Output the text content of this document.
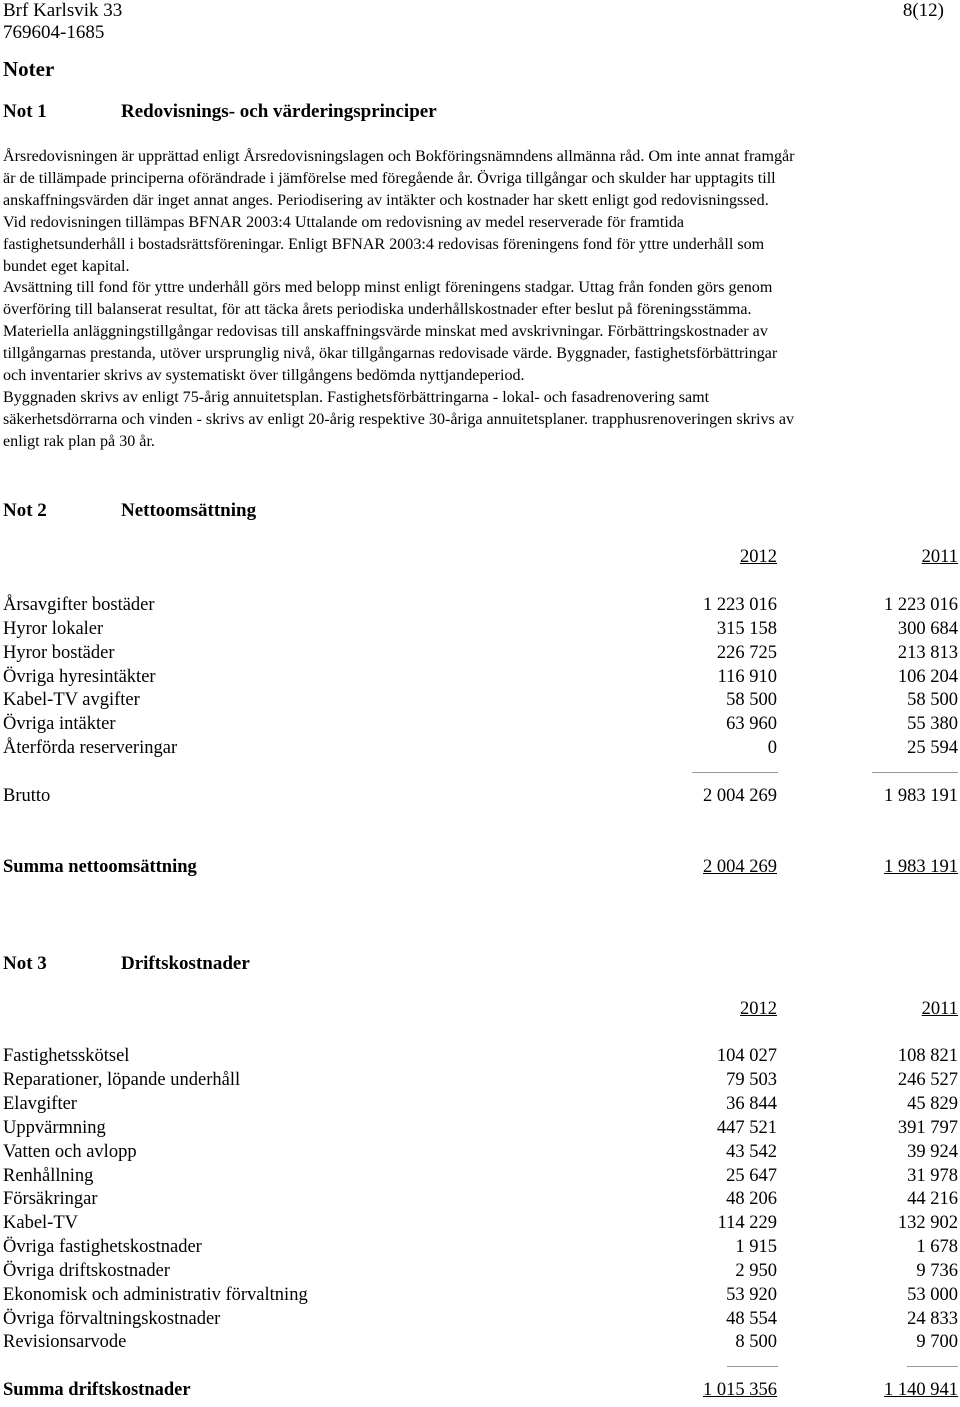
Brf Karlsvik 33
769604-1685
8(12)
Noter
Not 1	Redovisnings- och värderingsprinciper
Årsredovisningen är upprättad enligt Årsredovisningslagen och Bokföringsnämndens allmänna råd. Om inte annat framgår
är de tillämpade principerna oförändrade i jämförelse med föregående år. Övriga tillgångar och skulder har upptagits till
anskaffningsvärden där inget annat anges. Periodisering av intäkter och kostnader har skett enligt god redovisningssed.
Vid redovisningen tillämpas BFNAR 2003:4 Uttalande om redovisning av medel reserverade för framtida
fastighetsunderhåll i bostadsrättsföreningar. Enligt BFNAR 2003:4 redovisas föreningens fond för yttre underhåll som
bundet eget kapital.
Avsättning till fond för yttre underhåll görs med belopp minst enligt föreningens stadgar. Uttag från fonden görs genom
överföring till balanserat resultat, för att täcka årets periodiska underhållskostnader efter beslut på föreningsstämma.
Materiella anläggningstillgångar redovisas till anskaffningsvärde minskat med avskrivningar. Förbättringskostnader av
tillgångarnas prestanda, utöver ursprunglig nivå, ökar tillgångarnas redovisade värde. Byggnader, fastighetsförbättringar
och inventarier skrivs av systematiskt över tillgångens bedömda nyttjandeperiod.
Byggnaden skrivs av enligt 75-årig annuitetsplan. Fastighetsförbättringarna - lokal- och fasadrenovering samt
säkerhetsdörrarna och vinden - skrivs av enligt 20-årig respektive 30-åriga annuitetsplaner. trapphusrenoveringen skrivs av
enligt rak plan på 30 år.
Not 2	Nettoomsättning
2012	2011
Årsavgifter bostäder	1 223 016	1 223 016
Hyror lokaler	315 158	300 684
Hyror bostäder	226 725	213 813
Övriga hyresintäkter	116 910	106 204
Kabel-TV avgifter	58 500	58 500
Övriga intäkter	63 960	55 380
Återförda reserveringar	0	25 594
Brutto	2 004 269	1 983 191
Summa nettoomsättning	2 004 269	1 983 191
Not 3	Driftskostnader
2012	2011
Fastighetsskötsel	104 027	108 821
Reparationer, löpande underhåll	79 503	246 527
Elavgifter	36 844	45 829
Uppvärmning	447 521	391 797
Vatten och avlopp	43 542	39 924
Renhållning	25 647	31 978
Försäkringar	48 206	44 216
Kabel-TV	114 229	132 902
Övriga fastighetskostnader	1 915	1 678
Övriga driftskostnader	2 950	9 736
Ekonomisk och administrativ förvaltning	53 920	53 000
Övriga förvaltningskostnader	48 554	24 833
Revisionsarvode	8 500	9 700
Summa driftskostnader	1 015 356	1 140 941
